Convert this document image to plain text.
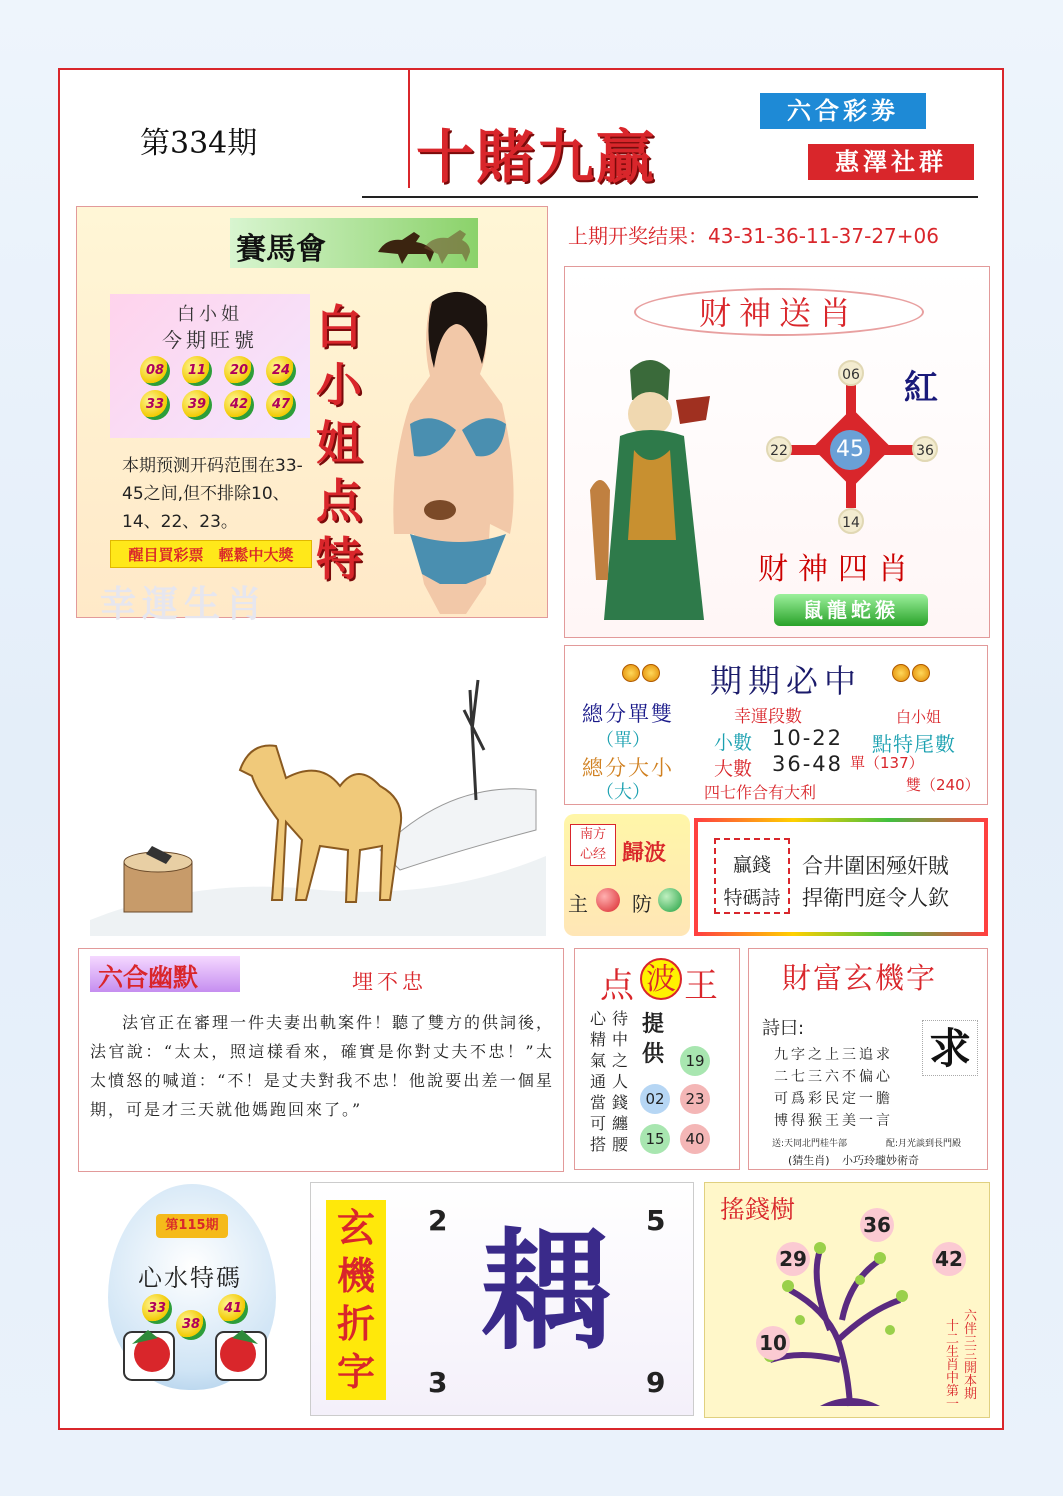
第334期	十賭九贏
六合彩劵
惠澤社群
上期开奖结果：43-31-36-11-37-27+06
賽馬會
白小姐
今期旺號
08	11	20	24
33	39	42	47
本期预测开码范围在33-45之间,但不排除10、14、22、23。
醒目買彩票　輕鬆中大獎
白
小
姐
点
特
幸運生肖
财神送肖
06
22 45	36
14
紅
财神四肖
鼠龍蛇猴
期期必中
總分單雙
（單）
總分大小
（大）
幸運段數
小數 10-22
大數 36-48
四七作合有大利
白小姐
點特尾數
單（137）
雙（240）
南方
心经 歸波
主 防
贏錢
特碼詩
合井圍困殛奸賊
捍衛門庭令人欽
六合幽默	埋不忠
法官正在審理一件夫妻出軌案件！聽了雙方的供詞後，法官說：“太太，照這樣看來，確實是你對丈夫不忠！”太太憤怒的喊道：“不！是丈夫對我不忠！他說要出差一個星期，可是才三天就他媽跑回來了。”
点 波 王
心
精
氣
通
當
可
搭
待
中
之
人
錢
纏
腰
提供	19
02	23
15	40
財富玄機字
詩曰:	求
九字之上三追求
二七三六不偏心
可爲彩民定一膽
博得猴王美一言
送:天同北門桂牛部	配:月光談到長門殿
(猜生肖) 小巧玲瓏妙術奇
第115期
心水特碼
33
38
41
玄
機
折
字
2	5
3	9
耦
搖錢樹
36
29	42
10
六伴三三開本期
十二生肖中第一
